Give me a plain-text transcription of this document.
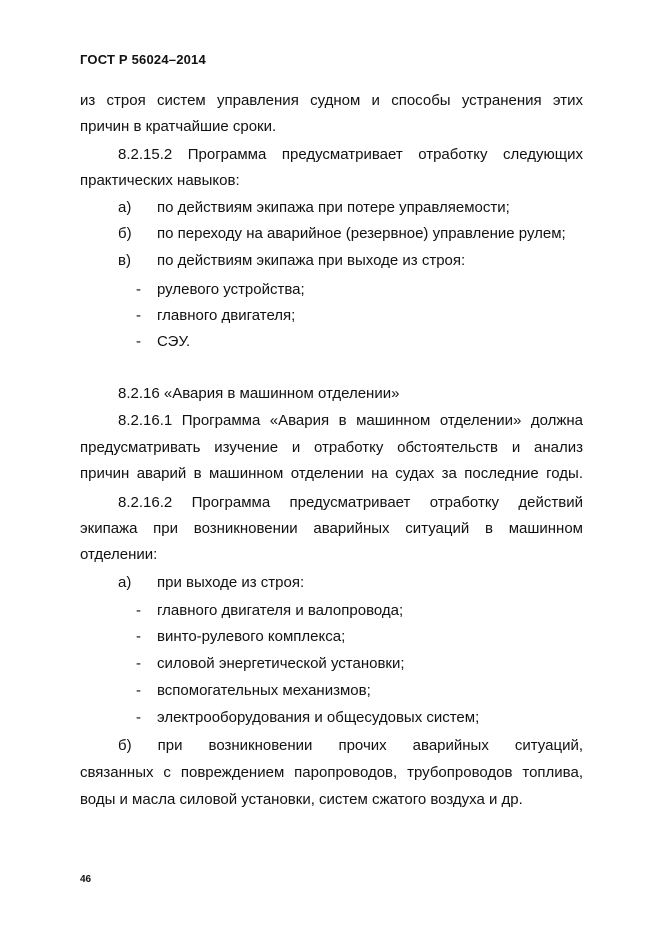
ГОСТ Р 56024–2014
из строя систем управления судном и способы устранения этих
причин в кратчайшие сроки.
8.2.15.2 Программа предусматривает отработку следующих
практических навыков:
а) по действиям экипажа при потере управляемости;
б) по переходу на аварийное (резервное) управление рулем;
в) по действиям экипажа при выходе из строя:
- рулевого устройства;
- главного двигателя;
- СЭУ.
8.2.16 «Авария в машинном отделении»
8.2.16.1 Программа «Авария в машинном отделении» должна
предусматривать изучение и отработку обстоятельств и анализ
причин аварий в машинном отделении на судах за последние годы.
8.2.16.2 Программа предусматривает отработку действий
экипажа при возникновении аварийных ситуаций в машинном
отделении:
а) при выходе из строя:
- главного двигателя и валопровода;
- винто-рулевого комплекса;
- силовой энергетической установки;
- вспомогательных механизмов;
- электрооборудования и общесудовых систем;
б) при возникновении прочих аварийных ситуаций,
связанных с повреждением паропроводов, трубопроводов топлива,
воды и масла силовой установки, систем сжатого воздуха и др.
46
